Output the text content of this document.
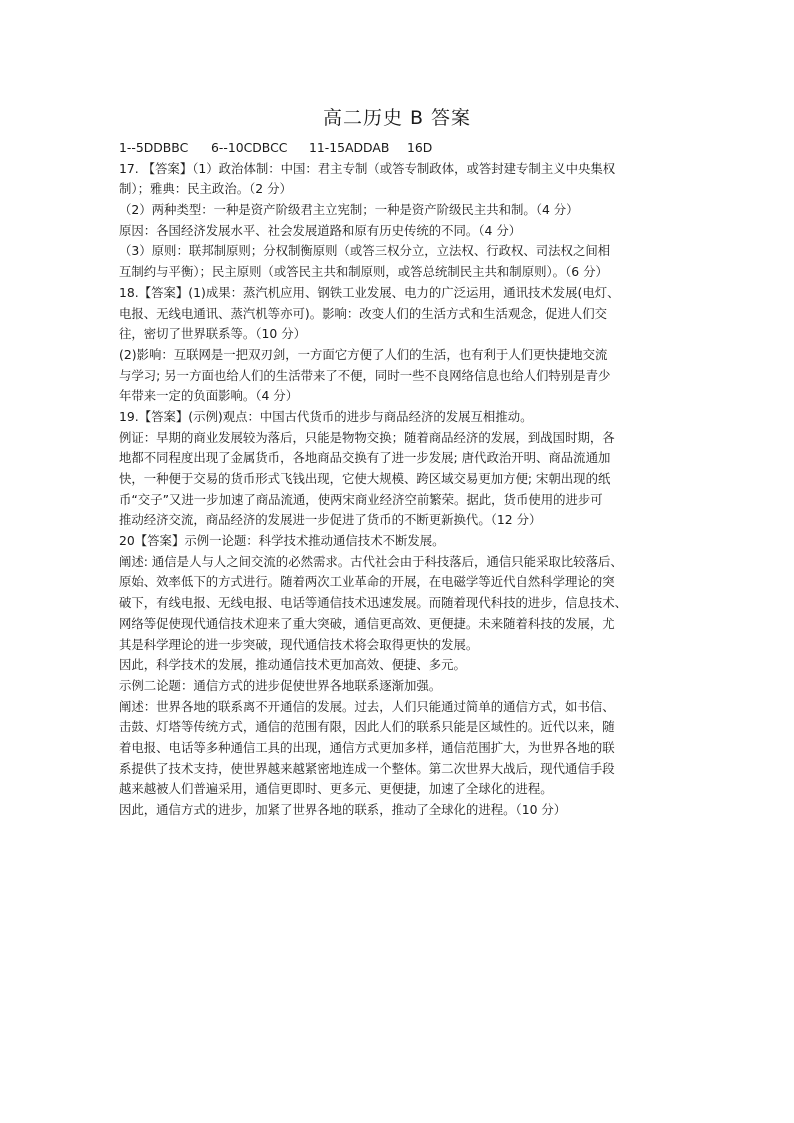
高二历史 B 答案
1--5DDBBC	6--10CDBCC	11-15ADDAB	16D
17. 【答案】（1）政治体制：中国：君主专制（或答专制政体，或答封建专制主义中央集权
制）；雅典：民主政治。（2 分）
（2）两种类型：一种是资产阶级君主立宪制；一种是资产阶级民主共和制。（4 分）
原因：各国经济发展水平、社会发展道路和原有历史传统的不同。（4 分）
（3）原则：联邦制原则；分权制衡原则（或答三权分立，立法权、行政权、司法权之间相
互制约与平衡）；民主原则（或答民主共和制原则，或答总统制民主共和制原则）。（6 分）
18.【答案】(1)成果：蒸汽机应用、钢铁工业发展、电力的广泛运用，通讯技术发展(电灯、
电报、无线电通讯、蒸汽机等亦可)。影响：改变人们的生活方式和生活观念，促进人们交
往，密切了世界联系等。（10 分）
(2)影响：互联网是一把双刃剑，一方面它方便了人们的生活，也有利于人们更快捷地交流
与学习; 另一方面也给人们的生活带来了不便，同时一些不良网络信息也给人们特别是青少
年带来一定的负面影响。（4 分）
19.【答案】(示例)观点：中国古代货币的进步与商品经济的发展互相推动。
例证：早期的商业发展较为落后，只能是物物交换；随着商品经济的发展，到战国时期，各
地都不同程度出现了金属货币，各地商品交换有了进一步发展; 唐代政治开明、商品流通加
快，一种便于交易的货币形式飞钱出现，它使大规模、跨区域交易更加方便; 宋朝出现的纸
币“交子”又进一步加速了商品流通，使两宋商业经济空前繁荣。据此，货币使用的进步可
推动经济交流，商品经济的发展进一步促进了货币的不断更新换代。（12 分）
20【答案】示例一论题：科学技术推动通信技术不断发展。
阐述: 通信是人与人之间交流的必然需求。古代社会由于科技落后，通信只能采取比较落后、
原始、效率低下的方式进行。随着两次工业革命的开展，在电磁学等近代自然科学理论的突
破下，有线电报、无线电报、电话等通信技术迅速发展。而随着现代科技的进步，信息技术、
网络等促使现代通信技术迎来了重大突破，通信更高效、更便捷。未来随着科技的发展，尤
其是科学理论的进一步突破，现代通信技术将会取得更快的发展。
因此，科学技术的发展，推动通信技术更加高效、便捷、多元。
示例二论题：通信方式的进步促使世界各地联系逐渐加强。
阐述：世界各地的联系离不开通信的发展。过去，人们只能通过简单的通信方式，如书信、
击鼓、灯塔等传统方式，通信的范围有限，因此人们的联系只能是区域性的。近代以来，随
着电报、电话等多种通信工具的出现，通信方式更加多样，通信范围扩大，为世界各地的联
系提供了技术支持，使世界越来越紧密地连成一个整体。第二次世界大战后，现代通信手段
越来越被人们普遍采用，通信更即时、更多元、更便捷，加速了全球化的进程。
因此，通信方式的进步，加紧了世界各地的联系，推动了全球化的进程。（10 分）
